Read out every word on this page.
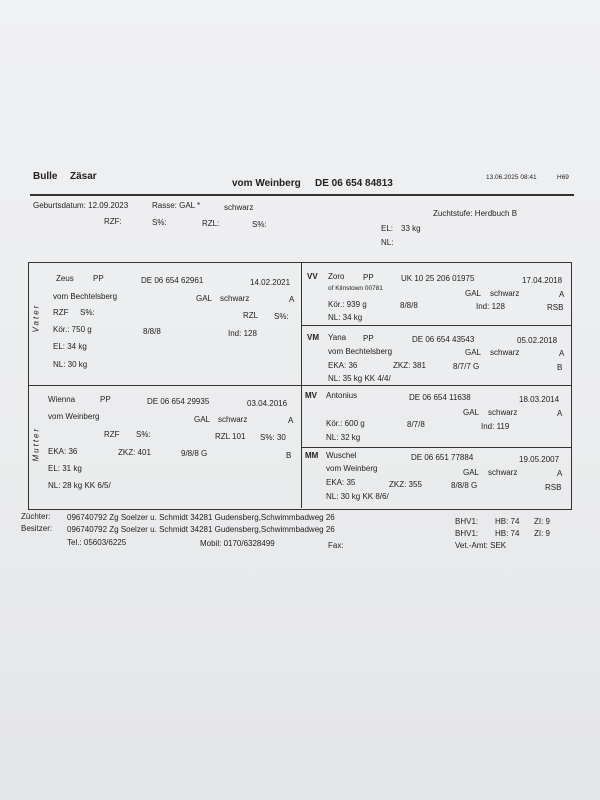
Bulle Zäsar
vom Weinberg DE 06 654 84813
13.06.2025 08:41	H69
Geburtsdatum: 12.09.2023	Rasse: GAL *	schwarz
Zuchtstufe: Herdbuch B
RZF:	S%:	RZL:	S%:	EL: 33 kg
NL:
Vater
Mutter
Zeus PP	DE 06 654 62961	14.02.2021
vom Bechtelsberg	GAL schwarz	A
RZF S%:	RZL S%:
Kör.: 750 g	8/8/8	Ind: 128
EL: 34 kg
NL: 30 kg
VV Zoro PP	UK 10 25 206 01975	17.04.2018
of Kilnstown 00781
GAL schwarz	A
Kör.: 939 g	8/8/8	Ind: 128	RSB
NL: 34 kg
VM Yana PP	DE 06 654 43543	05.02.2018
vom Bechtelsberg	GAL schwarz	A
EKA: 36	ZKZ: 381	8/7/7 G	B
NL: 35 kg KK 4/4/
Wienna	PP	DE 06 654 29935	03.04.2016
vom Weinberg	GAL schwarz	A
RZF S%:	RZL 101 S%: 30
EKA: 36	ZKZ: 401	9/8/8 G	B
EL: 31 kg
NL: 28 kg KK 6/5/
MV Antonius	DE 06 654 11638	18.03.2014
GAL schwarz	A
Kör.: 600 g	8/7/8	Ind: 119
NL: 32 kg
MM Wuschel	DE 06 651 77884	19.05.2007
vom Weinberg	GAL schwarz	A
EKA: 35	ZKZ: 355	8/8/8 G	RSB
NL: 30 kg KK 8/6/
Züchter: 096740792 Zg Soelzer u. Schmidt 34281 Gudensberg,Schwimmbadweg 26
Besitzer: 096740792 Zg Soelzer u. Schmidt 34281 Gudensberg,Schwimmbadweg 26
Tel.: 05603/6225	Mobil: 0170/6328499	Fax:
BHV1: HB: 74 ZI: 9
BHV1: HB: 74 ZI: 9
Vet.-Amt: SEK
